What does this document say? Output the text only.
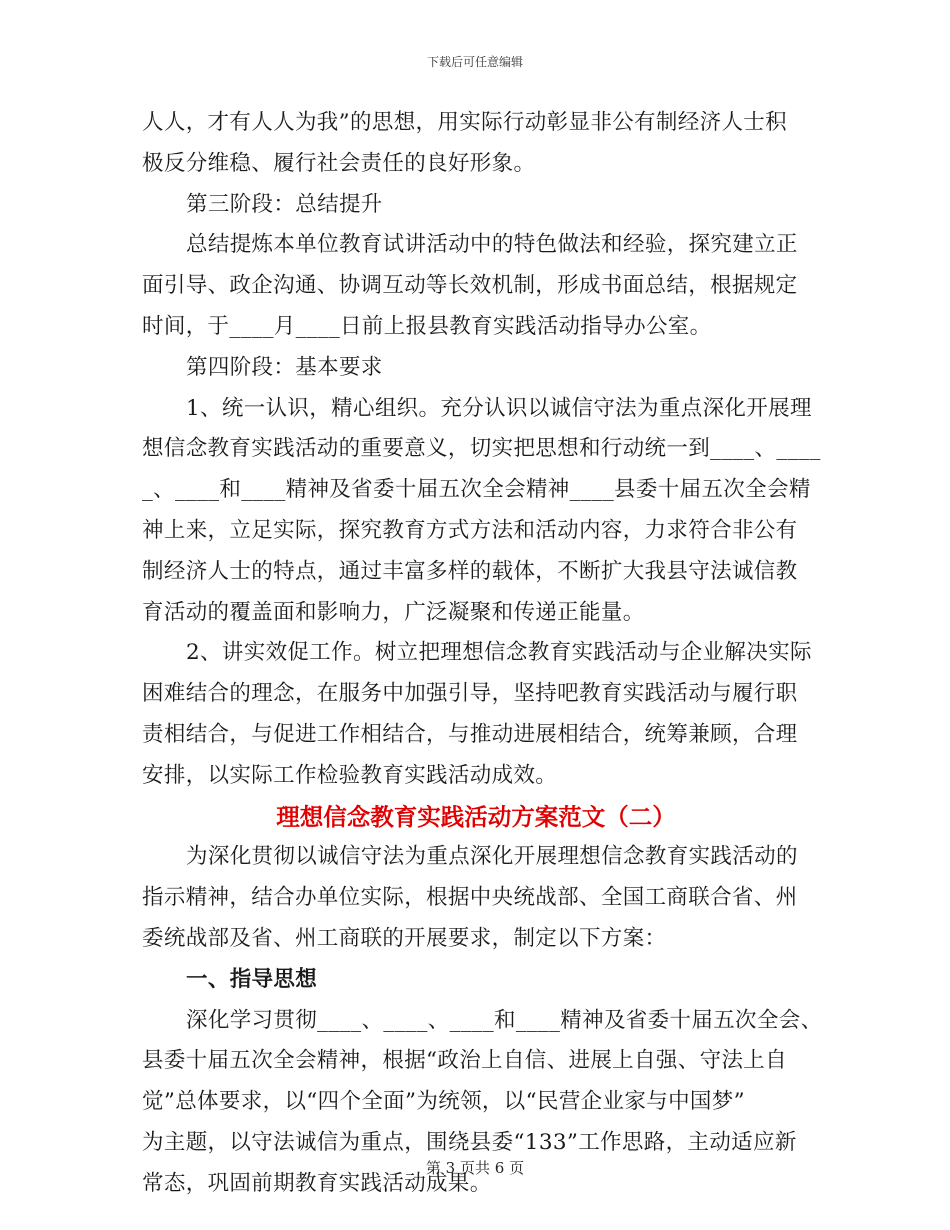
下载后可任意编辑
人人，才有人人为我”的思想，用实际行动彰显非公有制经济人士积
极反分维稳、履行社会责任的良好形象。
第三阶段：总结提升
总结提炼本单位教育试讲活动中的特色做法和经验，探究建立正
面引导、政企沟通、协调互动等长效机制，形成书面总结，根据规定
时间，于____月____日前上报县教育实践活动指导办公室。
第四阶段：基本要求
1、统一认识，精心组织。充分认识以诚信守法为重点深化开展理
想信念教育实践活动的重要意义，切实把思想和行动统一到____、____
_、____和____精神及省委十届五次全会精神____县委十届五次全会精
神上来，立足实际，探究教育方式方法和活动内容，力求符合非公有
制经济人士的特点，通过丰富多样的载体，不断扩大我县守法诚信教
育活动的覆盖面和影响力，广泛凝聚和传递正能量。
2、讲实效促工作。树立把理想信念教育实践活动与企业解决实际
困难结合的理念，在服务中加强引导，坚持吧教育实践活动与履行职
责相结合，与促进工作相结合，与推动进展相结合，统筹兼顾，合理
安排，以实际工作检验教育实践活动成效。
理想信念教育实践活动方案范文（二）
为深化贯彻以诚信守法为重点深化开展理想信念教育实践活动的
指示精神，结合办单位实际，根据中央统战部、全国工商联合省、州
委统战部及省、州工商联的开展要求，制定以下方案：
一、指导思想
深化学习贯彻____、____、____和____精神及省委十届五次全会、
县委十届五次全会精神，根据“政治上自信、进展上自强、守法上自
觉”总体要求，以“四个全面”为统领，以“民营企业家与中国梦”
为主题，以守法诚信为重点，围绕县委“133”工作思路，主动适应新
常态，巩固前期教育实践活动成果。
第 3 页共 6 页
